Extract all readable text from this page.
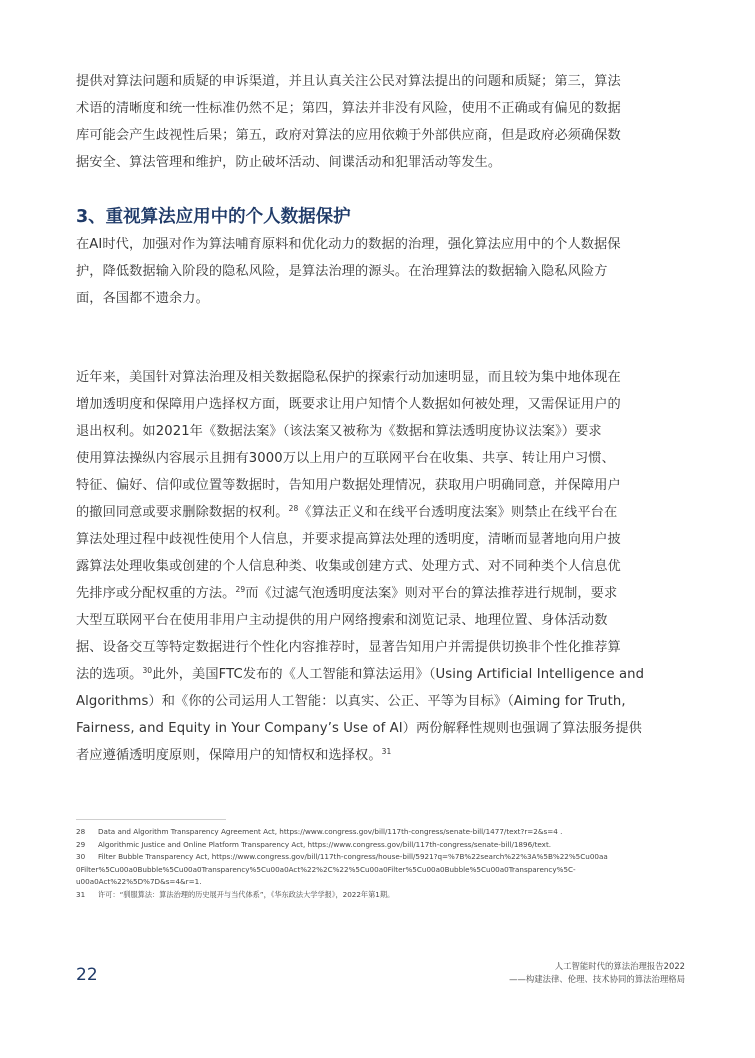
提供对算法问题和质疑的申诉渠道，并且认真关注公民对算法提出的问题和质疑；第三，算法
术语的清晰度和统一性标准仍然不足；第四，算法并非没有风险，使用不正确或有偏见的数据
库可能会产生歧视性后果；第五，政府对算法的应用依赖于外部供应商，但是政府必须确保数
据安全、算法管理和维护，防止破坏活动、间谍活动和犯罪活动等发生。
3、重视算法应用中的个人数据保护
在AI时代，加强对作为算法哺育原料和优化动力的数据的治理，强化算法应用中的个人数据保
护，降低数据输入阶段的隐私风险，是算法治理的源头。在治理算法的数据输入隐私风险方
面，各国都不遗余力。
近年来，美国针对算法治理及相关数据隐私保护的探索行动加速明显，而且较为集中地体现在
增加透明度和保障用户选择权方面，既要求让用户知情个人数据如何被处理，又需保证用户的
退出权利。如2021年《数据法案》（该法案又被称为《数据和算法透明度协议法案》）要求
使用算法操纵内容展示且拥有3000万以上用户的互联网平台在收集、共享、转让用户习惯、
特征、偏好、信仰或位置等数据时，告知用户数据处理情况，获取用户明确同意，并保障用户
的撤回同意或要求删除数据的权利。$^{28}$《算法正义和在线平台透明度法案》则禁止在线平台在
算法处理过程中歧视性使用个人信息，并要求提高算法处理的透明度，清晰而显著地向用户披
露算法处理收集或创建的个人信息种类、收集或创建方式、处理方式、对不同种类个人信息优
先排序或分配权重的方法。$^{29}$而《过滤气泡透明度法案》则对平台的算法推荐进行规制，要求
大型互联网平台在使用非用户主动提供的用户网络搜索和浏览记录、地理位置、身体活动数
据、设备交互等特定数据进行个性化内容推荐时，显著告知用户并需提供切换非个性化推荐算
法的选项。$^{30}$此外，美国FTC发布的《人工智能和算法运用》（Using Artificial Intelligence and
Algorithms）和《你的公司运用人工智能：以真实、公正、平等为目标》（Aiming for Truth,
Fairness, and Equity in Your Company’s Use of AI）两份解释性规则也强调了算法服务提供
者应遵循透明度原则，保障用户的知情权和选择权。$^{31}$
28 Data and Algorithm Transparency Agreement Act, https://www.congress.gov/bill/117th-congress/senate-bill/1477/text?r=2&s=4 .
29 Algorithmic Justice and Online Platform Transparency Act, https://www.congress.gov/bill/117th-congress/senate-bill/1896/text.
30 Filter Bubble Transparency Act, https://www.congress.gov/bill/117th-congress/house-bill/5921?q=%7B%22search%22%3A%5B%22%5Cu00aa
0Filter%5Cu00a0Bubble%5Cu00a0Transparency%5Cu00a0Act%22%2C%22%5Cu00a0Filter%5Cu00a0Bubble%5Cu00a0Transparency%5C-
u00a0Act%22%5D%7D&s=4&r=1.
31 许可：“驯服算法：算法治理的历史展开与当代体系”，《华东政法大学学报》，2022年第1期。
22	人工智能时代的算法治理报告2022
——构建法律、伦理、技术协同的算法治理格局
